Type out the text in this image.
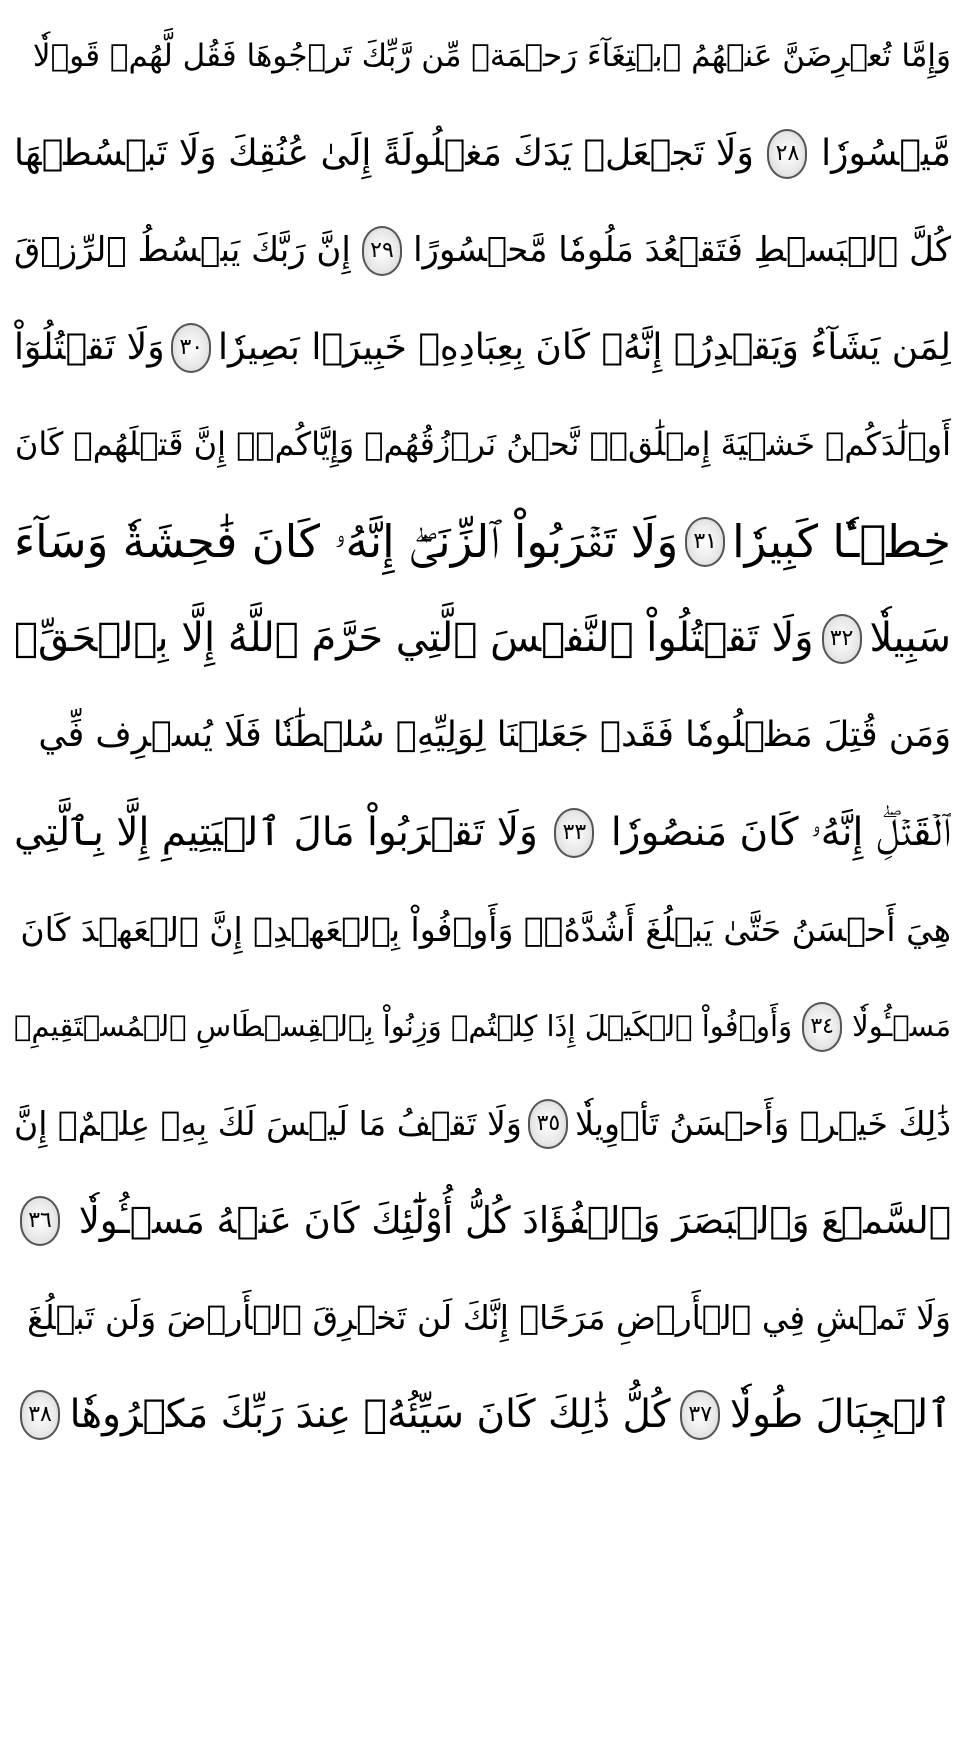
وَإِمَّا تُعۡرِضَنَّ عَنۡهُمُ ٱبۡتِغَآءَ رَحۡمَةٖ مِّن رَّبِّكَ تَرۡجُوهَا فَقُل لَّهُمۡ قَوۡلٗا
مَّيۡسُورٗا
٢٨
وَلَا تَجۡعَلۡ يَدَكَ مَغۡلُولَةً إِلَىٰ عُنُقِكَ وَلَا تَبۡسُطۡهَا
كُلَّ ٱلۡبَسۡطِ فَتَقۡعُدَ مَلُومٗا مَّحۡسُورًا
٢٩
إِنَّ رَبَّكَ يَبۡسُطُ ٱلرِّزۡقَ
لِمَن يَشَآءُ وَيَقۡدِرُۚ إِنَّهُۥ كَانَ بِعِبَادِهِۦ خَبِيرَۢا بَصِيرٗا
٣٠
وَلَا تَقۡتُلُوٓاْ
أَوۡلَٰدَكُمۡ خَشۡيَةَ إِمۡلَٰقٖۖ نَّحۡنُ نَرۡزُقُهُمۡ وَإِيَّاكُمۡۚ إِنَّ قَتۡلَهُمۡ كَانَ
خِطۡـٔٗا كَبِيرٗا
٣١
وَلَا تَقۡرَبُواْ ٱلزِّنَىٰٓۖ إِنَّهُۥ كَانَ فَٰحِشَةٗ وَسَآءَ
سَبِيلٗا
٣٢
وَلَا تَقۡتُلُواْ ٱلنَّفۡسَ ٱلَّتِي حَرَّمَ ٱللَّهُ إِلَّا بِٱلۡحَقِّۗ
وَمَن قُتِلَ مَظۡلُومٗا فَقَدۡ جَعَلۡنَا لِوَلِيِّهِۦ سُلۡطَٰنٗا فَلَا يُسۡرِف فِّي
ٱلۡقَتۡلِۖ إِنَّهُۥ كَانَ مَنصُورٗا
٣٣
وَلَا تَقۡرَبُواْ مَالَ ٱلۡيَتِيمِ إِلَّا بِٱلَّتِي
هِيَ أَحۡسَنُ حَتَّىٰ يَبۡلُغَ أَشُدَّهُۥۚ وَأَوۡفُواْ بِٱلۡعَهۡدِۖ إِنَّ ٱلۡعَهۡدَ كَانَ
مَسۡـُٔولٗا
٣٤
وَأَوۡفُواْ ٱلۡكَيۡلَ إِذَا كِلۡتُمۡ وَزِنُواْ بِٱلۡقِسۡطَاسِ ٱلۡمُسۡتَقِيمِۚ
ذَٰلِكَ خَيۡرٞ وَأَحۡسَنُ تَأۡوِيلٗا
٣٥
وَلَا تَقۡفُ مَا لَيۡسَ لَكَ بِهِۦ عِلۡمٌۚ إِنَّ
ٱلسَّمۡعَ وَٱلۡبَصَرَ وَٱلۡفُؤَادَ كُلُّ أُوْلَٰٓئِكَ كَانَ عَنۡهُ مَسۡـُٔولٗا
٣٦
وَلَا تَمۡشِ فِي ٱلۡأَرۡضِ مَرَحًاۖ إِنَّكَ لَن تَخۡرِقَ ٱلۡأَرۡضَ وَلَن تَبۡلُغَ
ٱلۡجِبَالَ طُولٗا
٣٧
كُلُّ ذَٰلِكَ كَانَ سَيِّئُهُۥ عِندَ رَبِّكَ مَكۡرُوهٗا
٣٨
